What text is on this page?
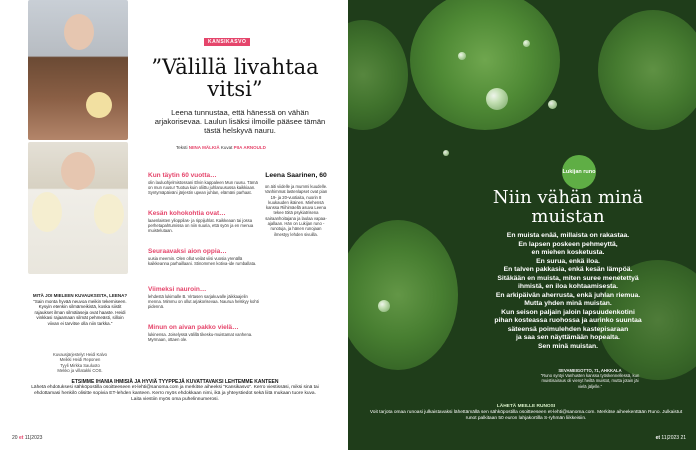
MITÄ JOI MIELEEN KUVAUKSISTA, LEENA?
”Sain monta hyvää neuvoa meikin tekemiseen. Kysyin etenkin silmämeikistä, koska siistit rajaukset ilman silmälaseja ovat haaste. Heidi vinkkasi rajaamaan silmät pehmeästi, silloin viivan ei tarvitse olla niin tarkka.”
Kuvausjärjestelyt Heidi Kalvo
Meikki Heidi Reponen
Tyyli Mirkka Sauluoto
Mekko ja villatakki COS.
KANSIKASVO
”Välillä livahtaa vitsi”
Leena tunnustaa, että hänessä on vähän arjakorisevaa. Laulun lisäksi ilmoille pääsee tämän tästä helskyvä nauru.
Teksti NIINA MÄLKIÄ Kuvat PIIA ARNOULD
Kun täytin 60 vuotta…
olin lauluohjelmistossani Elvin kappaleen Mun ruusu. Tämä on mun ruusu! Tuotua kuin oliittu juhlaruusussa kaikkiaan. Syntymäpäiväni järjestin upean juhlan, elämäni parhaat.
Kesän kohokohtia ovat…
laaenlaisten ylioppilas- ja rippijuhlat. Kaikkeaan tai jossa perhetapahtumissa on niin suuria, että syön ja en menua muistelutaan.
Seuraavaksi aion oppia…
uusia meemin. Olen ollut veilat viisi vuosia yrenällä kaikkeanna parhaillaani. Stinommen kotiva-ide rumballata.
Viimeksi nauroin…
lehdestä lukimalle B. Virtasen sarjakuvalle jäikkaajelin menna. Mimmu on ollut arjakorisevaa. Naurua helskyy kohti pidennä.
Minun on aivan pakko vielä…
lukinensa. Joiselyssä välillä tikesku-muistamat vanhena. Myrmaan, ottaen ole.
Leena Saarinen, 60
on äiti viidelle ja mummi kuudelle. Vanhimmat lastenlapset ovat pian 19- ja 20-vuotiaita, nuorin 8 kuukauden ikäinen. Miehensä kanssa Riihimäellä asuva Leena tekee töitä psykiatrisena sairaanhoitajana ja laulaa vapaa-ajallaan. Hän on Lukijan runo -runotuja, ja hänen runojaan ilmestyy lehden sivuilla.
ETSIMME IHANIA IHMISIÄ JA HYVIÄ TYYPPEJÄ KUVATTAVAKSI LEHTEMME KANTEEN
Lähetä ehdotuksesi sähköpostilla osoitteeseen et-lehti@sanoma.com ja merkitse aiheeksi ”Kansikasvo”. Kerro viestissäsi, miksi sinä tai ehdottamasi henkilö olisitte sopivia ET-lehden kanteen. Kerro myös ehdokkaan nimi, ikä ja yhteystiedot sekä liitä mukaan tuore kuva. Laita viestiin myös oma puhelinnumerosi.
20 et 11|2023
Lukijan runo
Niin vähän minä muistan
En muista enää, millaista on rakastaa.
En lapsen poskeen pehmeyttä,
en miehen kosketusta.
En surua, enkä iloa.
En talven pakkasia, enkä kesän lämpöä.
Sitäkään en muista, miten suree menetettyä
ihmistä, en iloa kohtaamisesta.
En arkipäivän aherrusta, enkä juhlan riemua.
Mutta yhden minä muistan.
Kun seison paljain jaloin lapsuudenkotini
pihan kosteassa ruohossa ja aurinko suuntaa
säteensä poimulehden kastepisaraan
ja saa sen näyttämään hopealta.
Sen minä muistan.
SEVAMEIGOTTO, 71, AHKKALA
”Runo syntyi Vanhusten kanssa työskennellessä, kun muistisairaus oli vienyt heiltä muistot, mutta jotain jäi vielä jäljelle.”
LÄHETÄ MEILLE RUNOSI
Voit tarjota omaa runoasi julkaistavaksi lähettämällä sen sähköpostilla osoitteeseen et-lehti@sanoma.com. Merkitse aiheekenttään Runo. Julkaistut runot palkitaan 50 euron lahjakortilla S-ryhmän liikkeisiin.
et 11|2023 21
